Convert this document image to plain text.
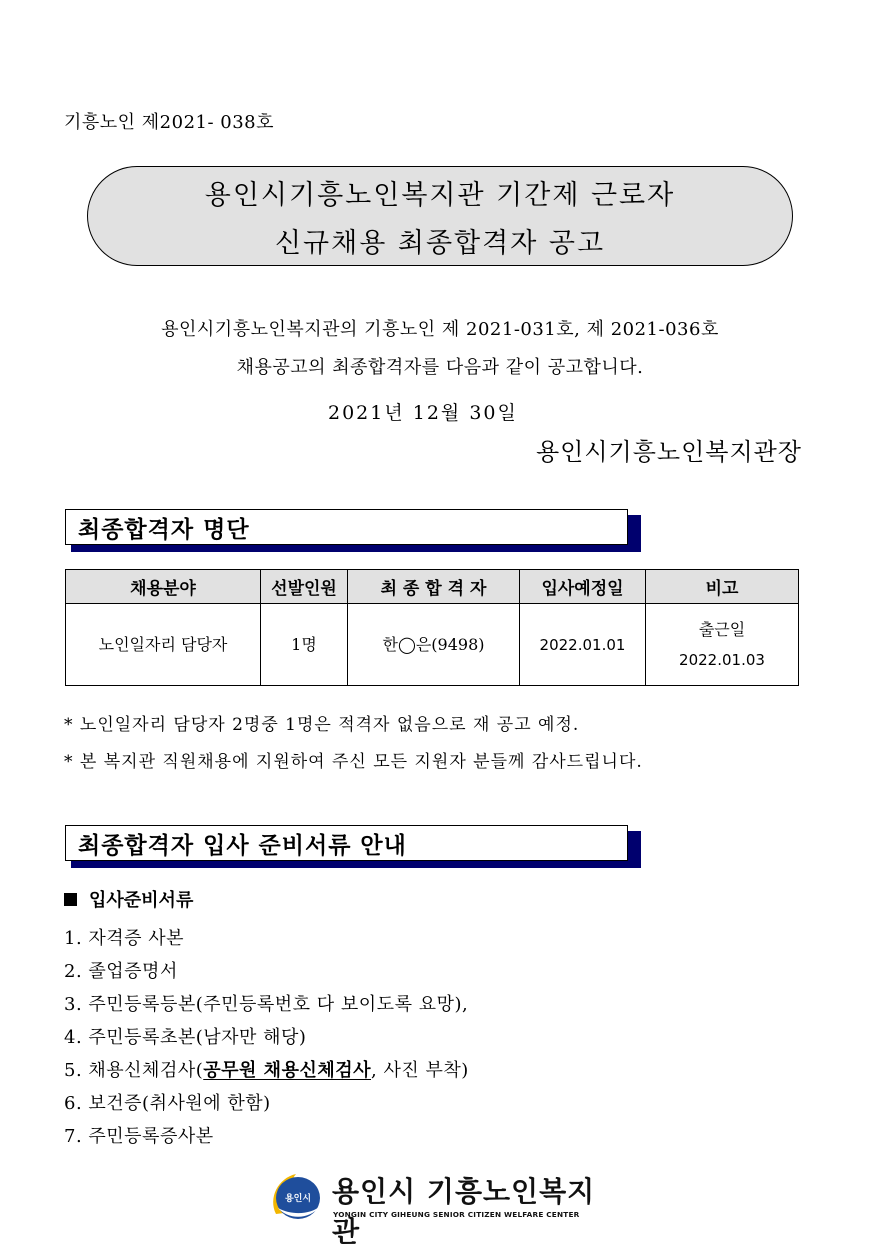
기흥노인 제2021- 038호
용인시기흥노인복지관 기간제 근로자
신규채용 최종합격자 공고
용인시기흥노인복지관의 기흥노인 제 2021-031호, 제 2021-036호
채용공고의 최종합격자를 다음과 같이 공고합니다.
2021년 12월 30일
용인시기흥노인복지관장
최종합격자 명단
채용분야	선발인원	최 종 합 격 자	입사예정일	비고
노인일자리 담당자	1명	한◯은(9498)	2022.01.01	출근일
2022.01.03
* 노인일자리 담당자 2명중 1명은 적격자 없음으로 재 공고 예정.
* 본 복지관 직원채용에 지원하여 주신 모든 지원자 분들께 감사드립니다.
최종합격자 입사 준비서류 안내
입사준비서류
1. 자격증 사본
2. 졸업증명서
3. 주민등록등본(주민등록번호 다 보이도록 요망),
4. 주민등록초본(남자만 해당)
5. 채용신체검사(공무원 채용신체검사, 사진 부착)
6. 보건증(취사원에 한함)
7. 주민등록증사본
용인시 용인시 기흥노인복지관
YONGIN CITY GIHEUNG SENIOR CITIZEN WELFARE CENTER
